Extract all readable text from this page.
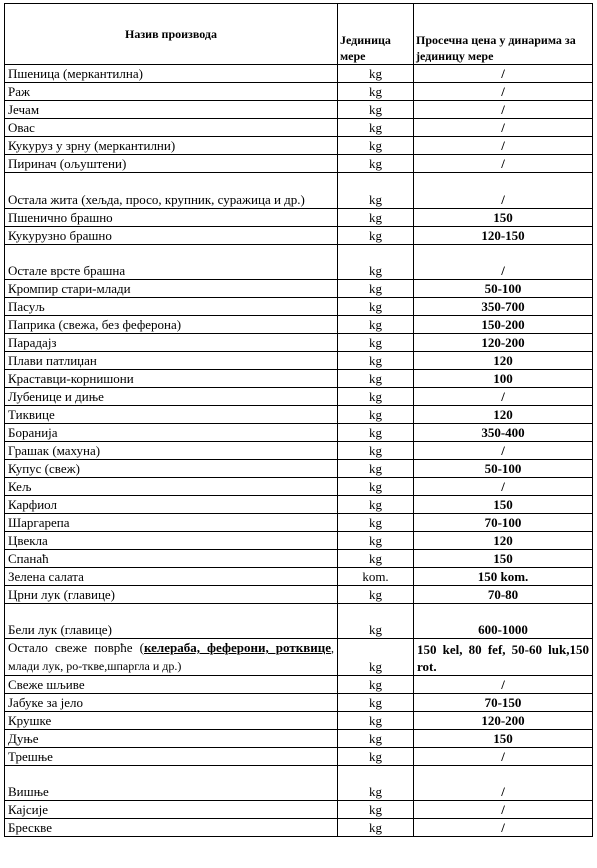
Назив производа	Јединица мере	Просечна цена у динарима за јединицу мере
Пшеница (меркантилна)	kg	/
Раж	kg	/
Јечам	kg	/
Овас	kg	/
Кукуруз у зрну (меркантилни)	kg	/
Пиринач (oљуштени)	kg	/
Остала жита (хељда, просо, крупник, суражица и др.)	kg	/
Пшенично брашно	kg	150
Кукурузно брашно	kg	120-150
Остале врсте брашна	kg	/
Кромпир стари-млади	kg	50-100
Пасуљ	kg	350-700
Паприка (свежа, без феферона)	kg	150-200
Парадајз	kg	120-200
Плави патлиџан	kg	120
Краставци-корнишони	kg	100
Лубенице и диње	kg	/
Тиквице	kg	120
Боранија	kg	350-400
Грашак (махуна)	kg	/
Купус (свеж)	kg	50-100
Кељ	kg	/
Карфиол	kg	150
Шаргарепа	kg	70-100
Цвекла	kg	120
Спанаћ	kg	150
Зелена салата	kom.	150 kom.
Црни лук (главице)	kg	70-80
Бели лук (главице)	kg	600-1000
Остало свеже поврће (келераба, феферони, ротквице, млади лук, ро-ткве,шпаргла и др.)	kg	150 kel, 80 fef, 50-60 luk,150 rot.
Свеже шљиве	kg	/
Јабуке за јело	kg	70-150
Крушке	kg	120-200
Дуње	kg	150
Трешње	kg	/
Вишње	kg	/
Кајсије	kg	/
Бресквe	kg	/
